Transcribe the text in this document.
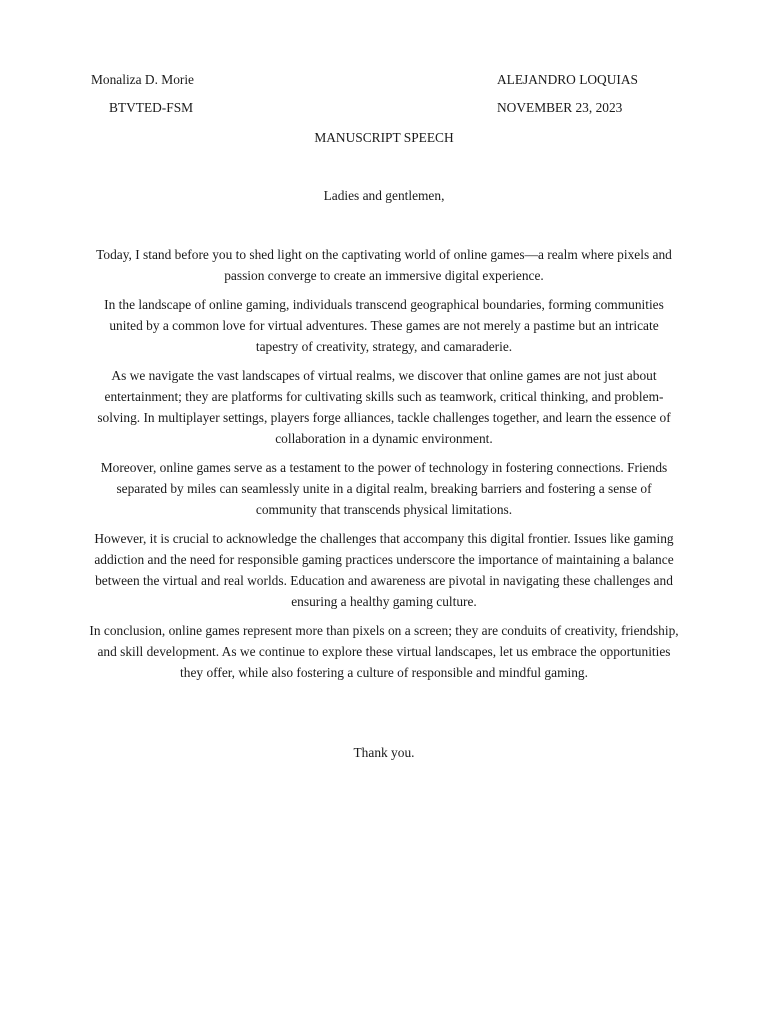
Monaliza D. Morie
BTVTED-FSM
ALEJANDRO LOQUIAS
NOVEMBER 23, 2023
MANUSCRIPT SPEECH
Ladies and gentlemen,

Today, I stand before you to shed light on the captivating world of online games—a realm where pixels and passion converge to create an immersive digital experience.

In the landscape of online gaming, individuals transcend geographical boundaries, forming communities united by a common love for virtual adventures. These games are not merely a pastime but an intricate tapestry of creativity, strategy, and camaraderie.

As we navigate the vast landscapes of virtual realms, we discover that online games are not just about entertainment; they are platforms for cultivating skills such as teamwork, critical thinking, and problem-solving. In multiplayer settings, players forge alliances, tackle challenges together, and learn the essence of collaboration in a dynamic environment.

Moreover, online games serve as a testament to the power of technology in fostering connections. Friends separated by miles can seamlessly unite in a digital realm, breaking barriers and fostering a sense of community that transcends physical limitations.

However, it is crucial to acknowledge the challenges that accompany this digital frontier. Issues like gaming addiction and the need for responsible gaming practices underscore the importance of maintaining a balance between the virtual and real worlds. Education and awareness are pivotal in navigating these challenges and ensuring a healthy gaming culture.

In conclusion, online games represent more than pixels on a screen; they are conduits of creativity, friendship, and skill development. As we continue to explore these virtual landscapes, let us embrace the opportunities they offer, while also fostering a culture of responsible and mindful gaming.

Thank you.
